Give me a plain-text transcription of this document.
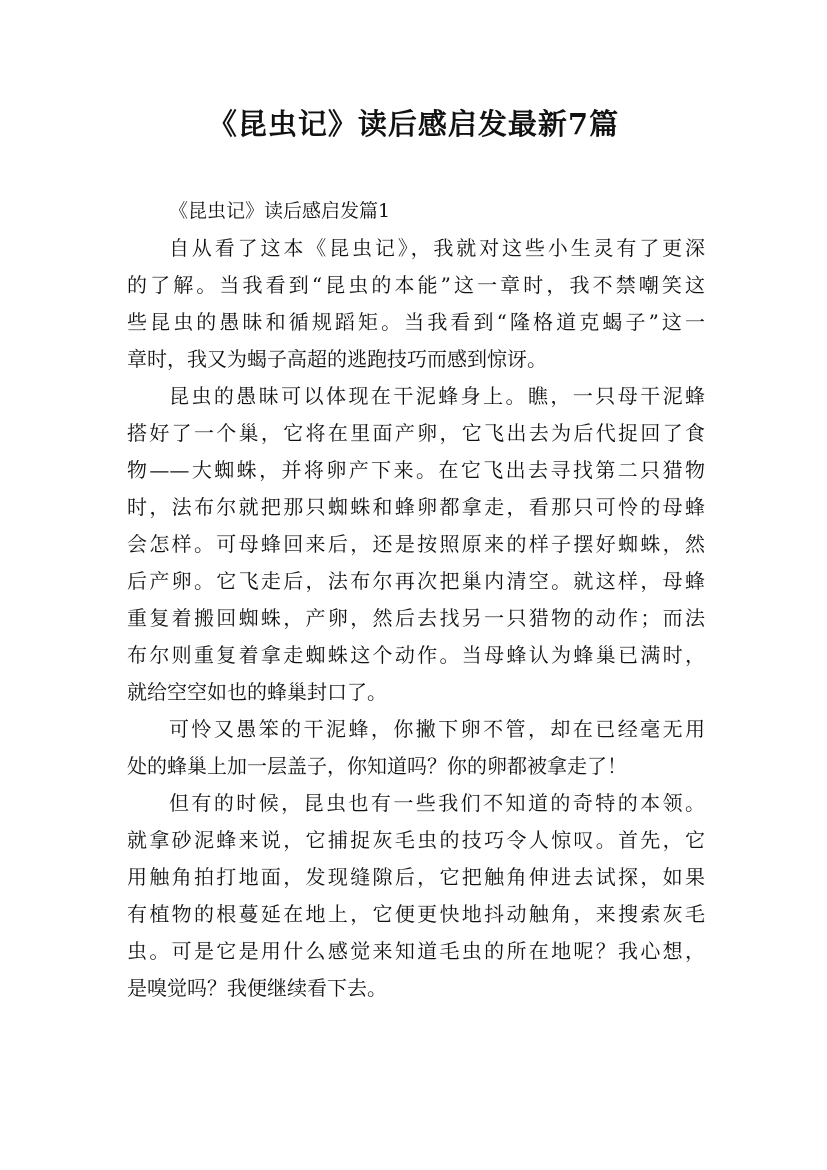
《昆虫记》读后感启发最新7篇

《昆虫记》读后感启发篇1

自从看了这本《昆虫记》，我就对这些小生灵有了更深

的了解。当我看到“昆虫的本能”这一章时，我不禁嘲笑这

些昆虫的愚昧和循规蹈矩。当我看到“隆格道克蝎子”这一

章时，我又为蝎子高超的逃跑技巧而感到惊讶。

昆虫的愚昧可以体现在干泥蜂身上。瞧，一只母干泥蜂

搭好了一个巢，它将在里面产卵，它飞出去为后代捉回了食

物——大蜘蛛，并将卵产下来。在它飞出去寻找第二只猎物

时，法布尔就把那只蜘蛛和蜂卵都拿走，看那只可怜的母蜂

会怎样。可母蜂回来后，还是按照原来的样子摆好蜘蛛，然

后产卵。它飞走后，法布尔再次把巢内清空。就这样，母蜂

重复着搬回蜘蛛，产卵，然后去找另一只猎物的动作；而法

布尔则重复着拿走蜘蛛这个动作。当母蜂认为蜂巢已满时，

就给空空如也的蜂巢封口了。

可怜又愚笨的干泥蜂，你撇下卵不管，却在已经毫无用

处的蜂巢上加一层盖子，你知道吗？你的卵都被拿走了！

但有的时候，昆虫也有一些我们不知道的奇特的本领。

就拿砂泥蜂来说，它捕捉灰毛虫的技巧令人惊叹。首先，它

用触角拍打地面，发现缝隙后，它把触角伸进去试探，如果

有植物的根蔓延在地上，它便更快地抖动触角，来搜索灰毛

虫。可是它是用什么感觉来知道毛虫的所在地呢？我心想，

是嗅觉吗？我便继续看下去。
